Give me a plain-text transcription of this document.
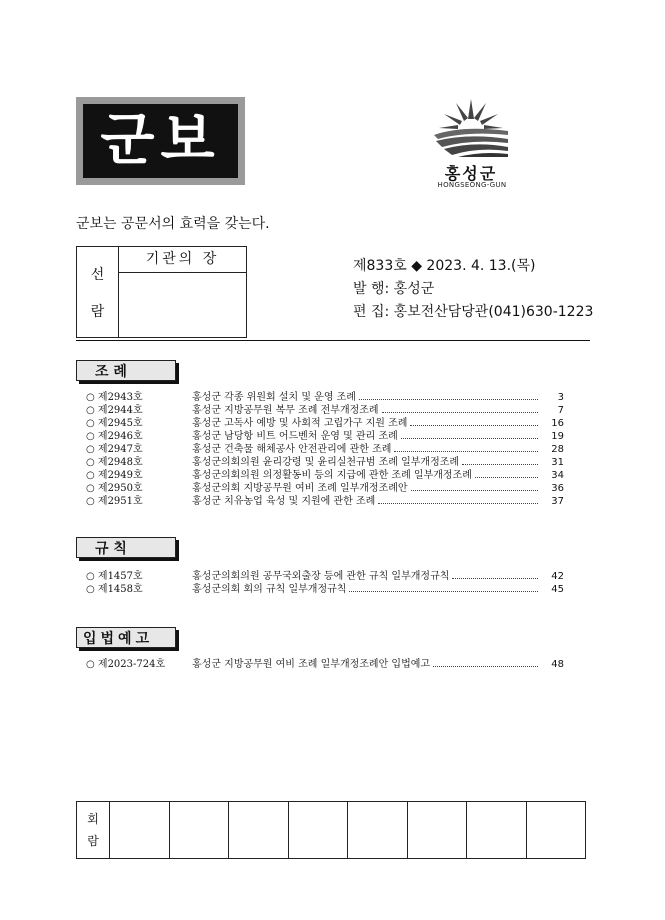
군보
홍성군
HONGSEONG-GUN
군보는 공문서의 효력을 갖는다.
선
람
기관의 장	제833호 ◆ 2023. 4. 13.(목)
발 행: 홍성군
편 집: 홍보전산담당관(041)630-1223
조 례
○ 제2943호	홍성군 각종 위원회 설치 및 운영 조례	3
○ 제2944호	홍성군 지방공무원 복무 조례 전부개정조례	7
○ 제2945호	홍성군 고독사 예방 및 사회적 고립가구 지원 조례	16
○ 제2946호	홍성군 남당항 비트 어드벤처 운영 및 관리 조례	19
○ 제2947호	홍성군 건축물 해체공사 안전관리에 관한 조례	28
○ 제2948호	홍성군의회의원 윤리강령 및 윤리실천규범 조례 일부개정조례	31
○ 제2949호	홍성군의회의원 의정활동비 등의 지급에 관한 조례 일부개정조례	34
○ 제2950호	홍성군의회 지방공무원 여비 조례 일부개정조례안	36
○ 제2951호	홍성군 치유농업 육성 및 지원에 관한 조례	37
규 칙
○ 제1457호	홍성군의회의원 공무국외출장 등에 관한 규칙 일부개정규칙	42
○ 제1458호	홍성군의회 회의 규칙 일부개정규칙	45
입법예고
○ 제2023-724호	홍성군 지방공무원 여비 조례 일부개정조례안 입법예고	48
회
람
